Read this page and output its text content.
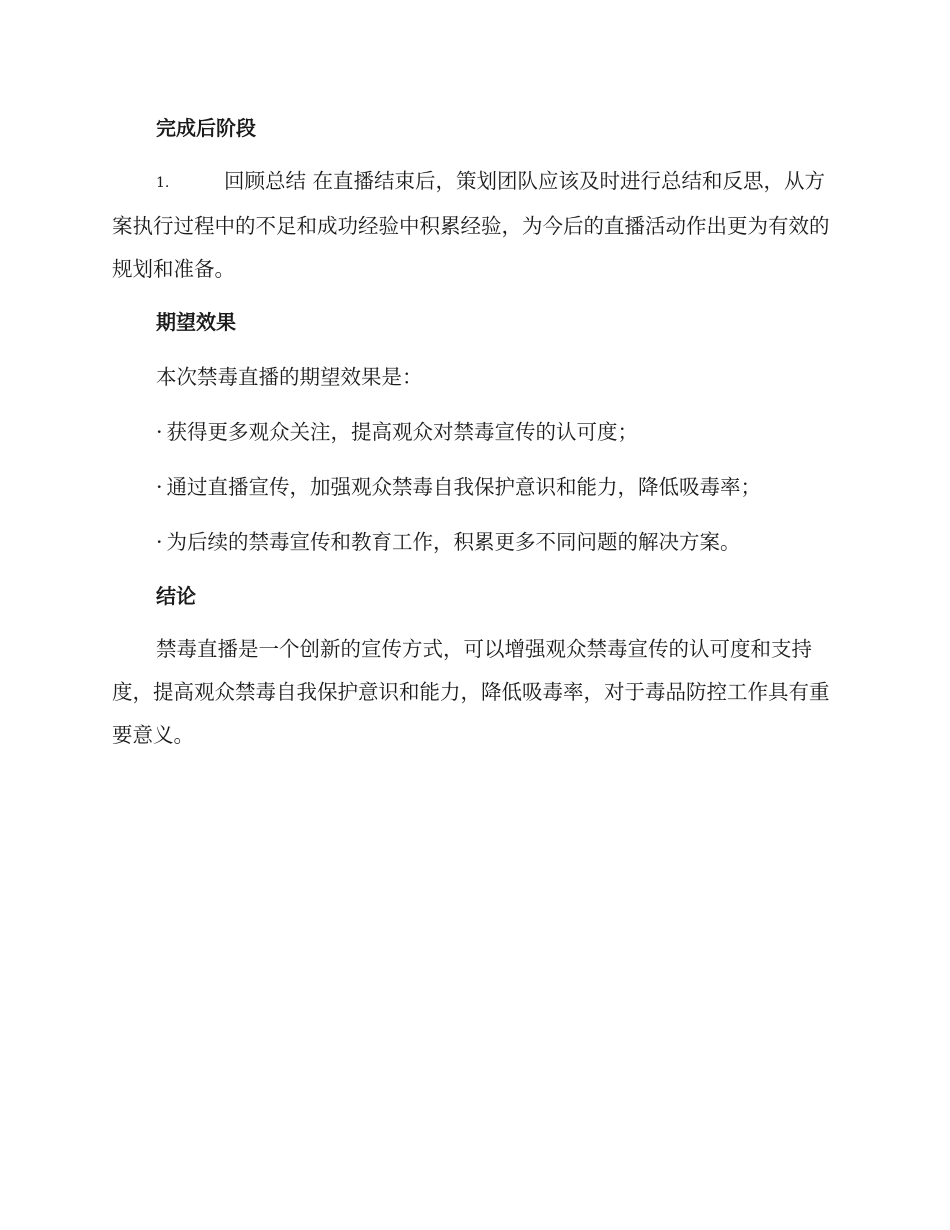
完成后阶段

1.	回顾总结 在直播结束后，策划团队应该及时进行总结和反思，从方案执行过程中的不足和成功经验中积累经验，为今后的直播活动作出更为有效的规划和准备。

期望效果
本次禁毒直播的期望效果是：
· 获得更多观众关注，提高观众对禁毒宣传的认可度；
· 通过直播宣传，加强观众禁毒自我保护意识和能力，降低吸毒率；
· 为后续的禁毒宣传和教育工作，积累更多不同问题的解决方案。
结论

禁毒直播是一个创新的宣传方式，可以增强观众禁毒宣传的认可度和支持度，提高观众禁毒自我保护意识和能力，降低吸毒率，对于毒品防控工作具有重要意义。
